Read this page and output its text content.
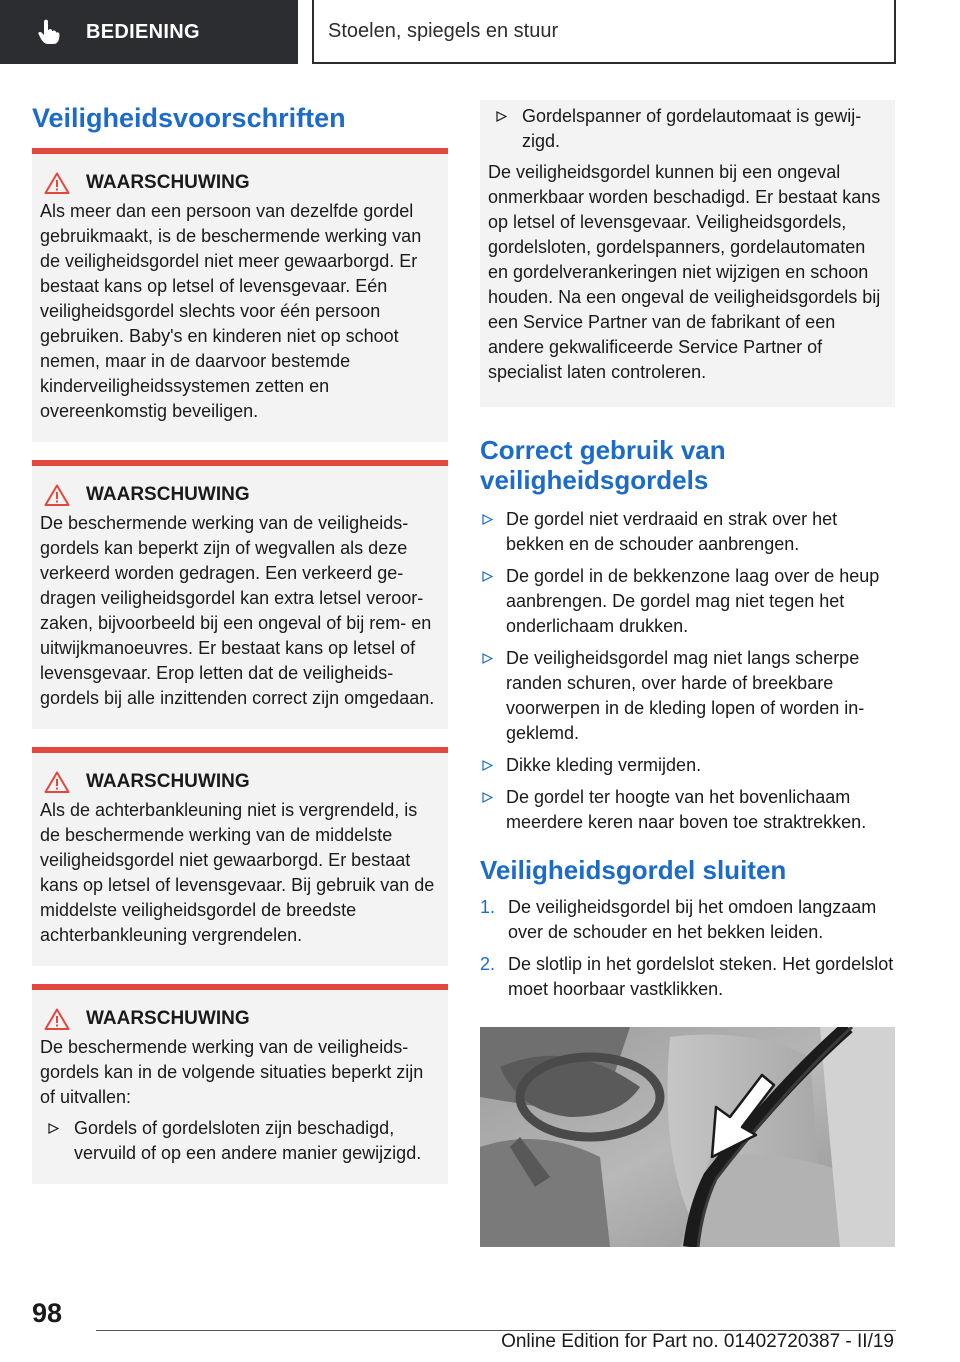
BEDIENING	Stoelen, spiegels en stuur
Veiligheidsvoorschriften
WAARSCHUWING
Als meer dan een persoon van dezelfde gordel gebruikmaakt, is de beschermende werking van de veiligheidsgordel niet meer gewaarborgd. Er bestaat kans op letsel of levensgevaar. Eén veiligheidsgordel slechts voor één persoon gebruiken. Baby's en kinderen niet op schoot nemen, maar in de daarvoor bestemde kinderveiligheidssystemen zetten en overeenkomstig beveiligen.
WAARSCHUWING
De beschermende werking van de veiligheidsgordels kan beperkt zijn of wegvallen als deze verkeerd worden gedragen. Een verkeerd gedragen veiligheidsgordel kan extra letsel veroorzaken, bijvoorbeeld bij een ongeval of bij rem- en uitwijkmanoeuvres. Er bestaat kans op letsel of levensgevaar. Erop letten dat de veiligheidsgordels bij alle inzittenden correct zijn omgedaan.
WAARSCHUWING
Als de achterbankleuning niet is vergrendeld, is de beschermende werking van de middelste veiligheidsgordel niet gewaarborgd. Er bestaat kans op letsel of levensgevaar. Bij gebruik van de middelste veiligheidsgordel de breedste achterbankleuning vergrendelen.
WAARSCHUWING
De beschermende werking van de veiligheidsgordels kan in de volgende situaties beperkt zijn of uitvallen:
Gordels of gordelsloten zijn beschadigd, vervuild of op een andere manier gewijzigd.
Gordelspanner of gordelautomaat is gewijzigd.
De veiligheidsgordel kunnen bij een ongeval onmerkbaar worden beschadigd. Er bestaat kans op letsel of levensgevaar. Veiligheidsgordels, gordelsloten, gordelspanners, gordelautomaten en gordelverankeringen niet wijzigen en schoon houden. Na een ongeval de veiligheidsgordels bij een Service Partner van de fabrikant of een andere gekwalificeerde Service Partner of specialist laten controleren.
Correct gebruik van veiligheidsgordels
De gordel niet verdraaid en strak over het bekken en de schouder aanbrengen.
De gordel in de bekkenzone laag over de heup aanbrengen. De gordel mag niet tegen het onderlichaam drukken.
De veiligheidsgordel mag niet langs scherpe randen schuren, over harde of breekbare voorwerpen in de kleding lopen of worden ingeklemd.
Dikke kleding vermijden.
De gordel ter hoogte van het bovenlichaam meerdere keren naar boven toe straktrekken.
Veiligheidsgordel sluiten
1. De veiligheidsgordel bij het omdoen langzaam over de schouder en het bekken leiden.
2. De slotlip in het gordelslot steken. Het gordelslot moet hoorbaar vastklikken.
98
Online Edition for Part no. 01402720387 - II/19
